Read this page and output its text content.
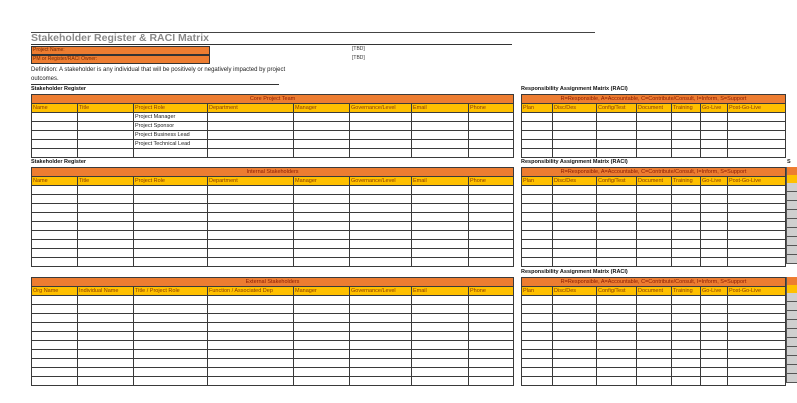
Stakeholder Register & RACI Matrix
Project Name:	[TBD]
PM or Register/RACI Owner:	[TBD]
Definition: A stakeholder is any individual that will be positively or negatively impacted by project outcomes.
Stakeholder Register	Responsibility Assignment Matrix (RACI)
Core Project Team							
Name	Title	Project Role	Department	Manager	Governance/Level	Email	Phone
		Project Manager					
		Project Sponsor					
		Project Business Lead					
		Project Technical Lead					

R=Responsible, A=Accountable, C=Contribute/Consult, I=Inform, S=Support						
Plan	Disc/Des	Config/Test	Document	Training	Go-Live	Post-Go-Live

Stakeholder Register	Responsibility Assignment Matrix (RACI)	S
Internal Stakeholders							
Name	Title	Project Role	Department	Manager	Governance/Level	Email	Phone

R=Responsible, A=Accountable, C=Contribute/Consult, I=Inform, S=Support						
Plan	Disc/Des	Config/Test	Document	Training	Go-Live	Post-Go-Live

Responsibility Assignment Matrix (RACI)
External Stakeholders							
Org Name	Individual Name	Title / Project Role	Function / Associated Dep	Manager	Governance/Level	Email	Phone

R=Responsible, A=Accountable, C=Contribute/Consult, I=Inform, S=Support						
Plan	Disc/Des	Config/Test	Document	Training	Go-Live	Post-Go-Live
